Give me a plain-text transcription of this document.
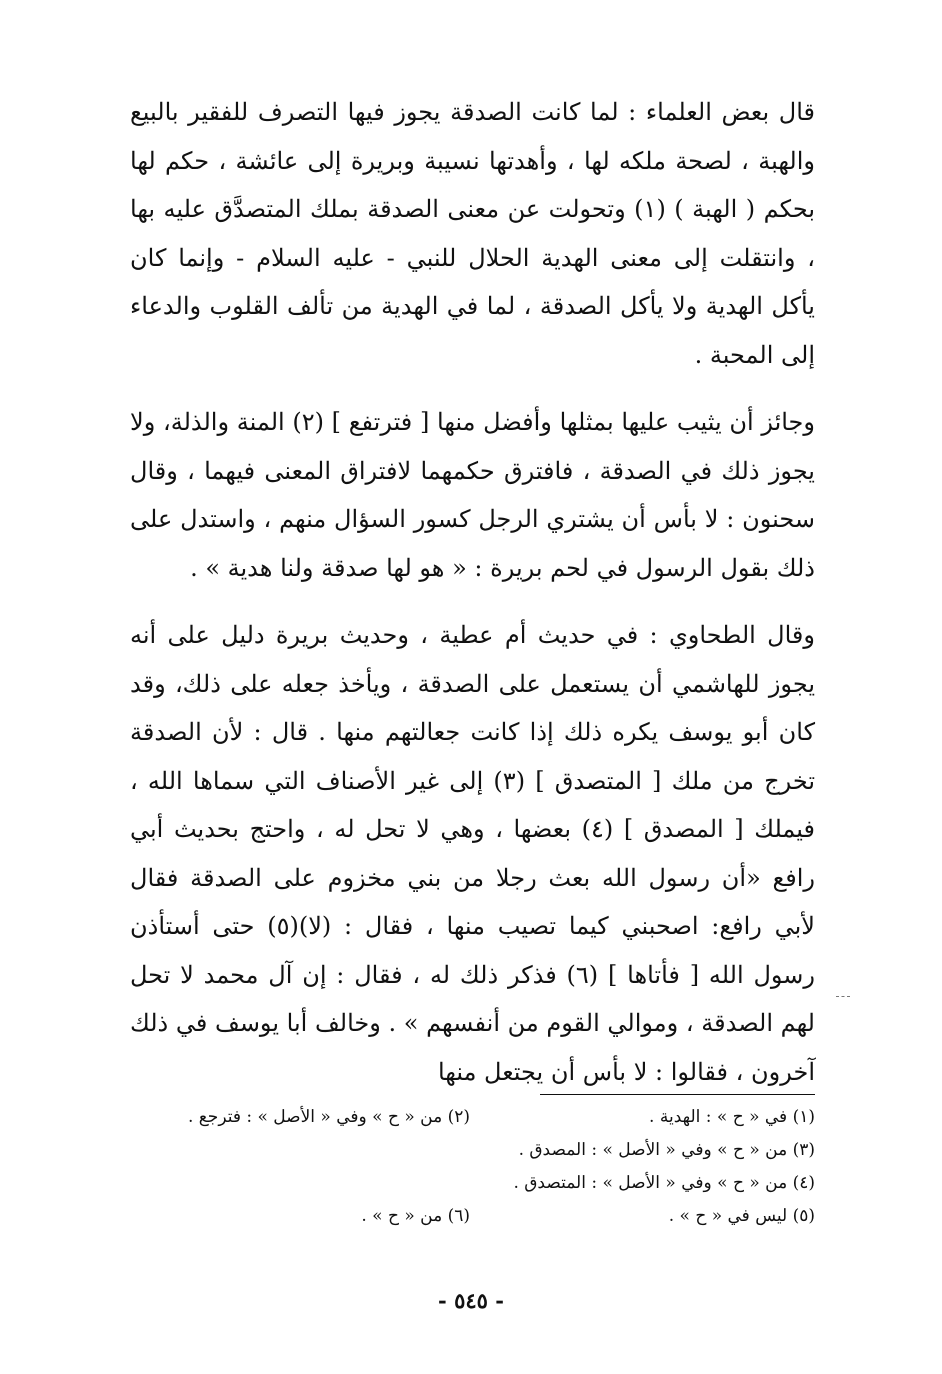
قال بعض العلماء : لما كانت الصدقة يجوز فيها التصرف للفقير بالبيع والهبة ، لصحة ملكه لها ، وأهدتها نسيبة وبريرة إلى عائشة ، حكم لها بحكم ( الهبة ) (١) وتحولت عن معنى الصدقة بملك المتصدَّق عليه بها ، وانتقلت إلى معنى الهدية الحلال للنبي - عليه السلام - وإنما كان يأكل الهدية ولا يأكل الصدقة ، لما في الهدية من تألف القلوب والدعاء إلى المحبة .

وجائز أن يثيب عليها بمثلها وأفضل منها [ فترتفع ] (٢) المنة والذلة، ولا يجوز ذلك في الصدقة ، فافترق حكمهما لافتراق المعنى فيهما ، وقال سحنون : لا بأس أن يشتري الرجل كسور السؤال منهم ، واستدل على ذلك بقول الرسول في لحم بريرة : « هو لها صدقة ولنا هدية » .

وقال الطحاوي : في حديث أم عطية ، وحديث بريرة دليل على أنه يجوز للهاشمي أن يستعمل على الصدقة ، ويأخذ جعله على ذلك، وقد كان أبو يوسف يكره ذلك إذا كانت جعالتهم منها . قال : لأن الصدقة تخرج من ملك [ المتصدق ] (٣) إلى غير الأصناف التي سماها الله ، فيملك [ المصدق ] (٤) بعضها ، وهي لا تحل له ، واحتج بحديث أبي رافع «أن رسول الله بعث رجلا من بني مخزوم على الصدقة فقال لأبي رافع: اصحبني كيما تصيب منها ، فقال : (لا)(٥) حتى أستأذن رسول الله [ فأتاها ] (٦) فذكر ذلك له ، فقال : إن آل محمد لا تحل لهم الصدقة ، وموالي القوم من أنفسهم » . وخالف أبا يوسف في ذلك آخرون ، فقالوا : لا بأس أن يجتعل منها

(١) في « ح » : الهدية .
(٢) من « ح » وفي « الأصل » : فترجع .
(٣) من « ح » وفي « الأصل » : المصدق .
(٤) من « ح » وفي « الأصل » : المتصدق .
(٥) ليس في « ح » .
(٦) من « ح » .
- ٥٤٥ -
